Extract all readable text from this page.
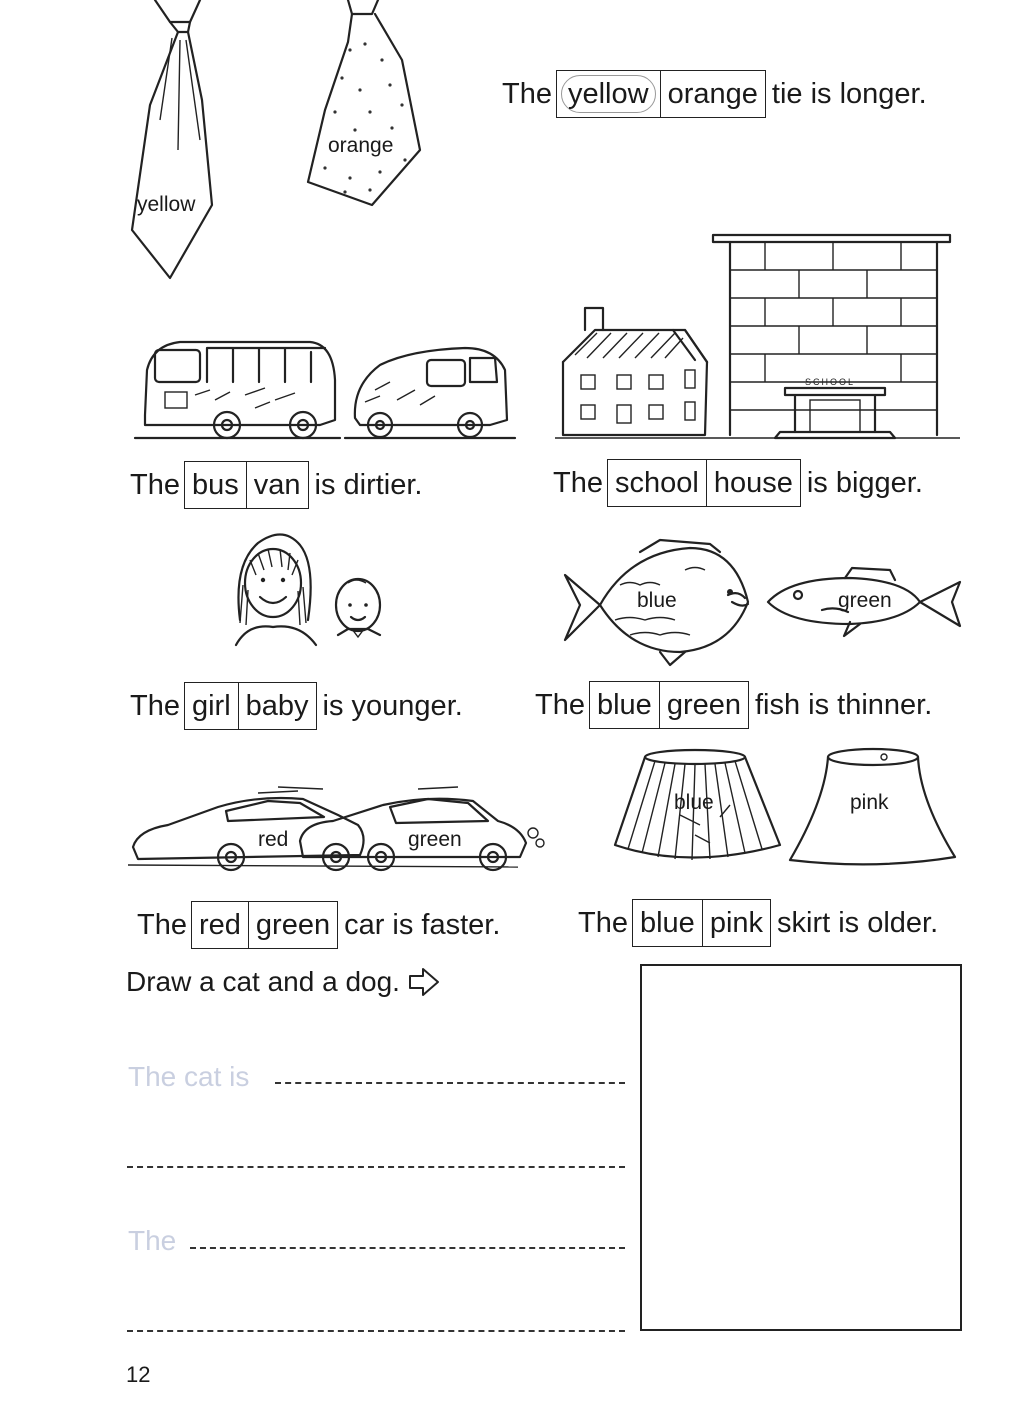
yellow
orange
The yellow orange tie is longer.
The bus van is dirtier.
SCHOOL
The school house is bigger.
The girl baby is younger.
blue	green
The blue green fish is thinner.
red	green
The red green car is faster.
blue	pink
The blue pink skirt is older.
Draw a cat and a dog.
The cat is
The
12
